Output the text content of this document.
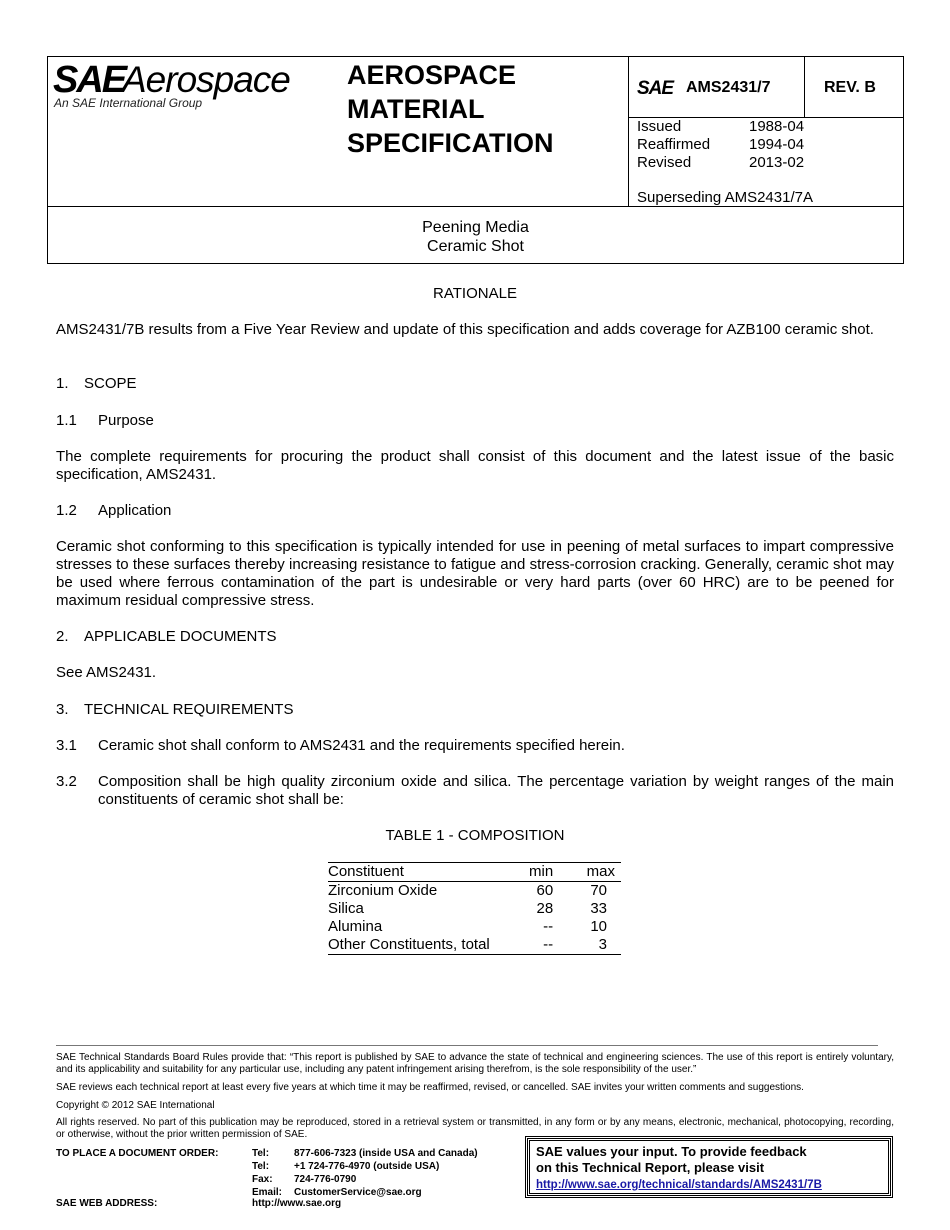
SAE
Aerospace
An SAE International Group
AEROSPACE
MATERIAL
SPECIFICATION
SAE AMS2431/7	REV. B
Issued	1988-04
Reaffirmed	1994-04
Revised	2013-02
Superseding AMS2431/7A
Peening Media
Ceramic Shot
RATIONALE
AMS2431/7B results from a Five Year Review and update of this specification and adds coverage for AZB100 ceramic shot.
1. SCOPE
1.1 Purpose
The complete requirements for procuring the product shall consist of this document and the latest issue of the basic specification, AMS2431.
1.2 Application
Ceramic shot conforming to this specification is typically intended for use in peening of metal surfaces to impart compressive stresses to these surfaces thereby increasing resistance to fatigue and stress-corrosion cracking. Generally, ceramic shot may be used where ferrous contamination of the part is undesirable or very hard parts (over 60 HRC) are to be peened for maximum residual compressive stress.
2. APPLICABLE DOCUMENTS
See AMS2431.
3. TECHNICAL REQUIREMENTS
3.1 Ceramic shot shall conform to AMS2431 and the requirements specified herein.
3.2	Composition shall be high quality zirconium oxide and silica. The percentage variation by weight ranges of the main constituents of ceramic shot shall be:
TABLE 1 - COMPOSITION
Constituent	min	max
Zirconium Oxide	60	70
Silica	28	33
Alumina	--	10
Other Constituents, total	--	3
SAE Technical Standards Board Rules provide that: “This report is published by SAE to advance the state of technical and engineering sciences. The use of this report is entirely voluntary, and its applicability and suitability for any particular use, including any patent infringement arising therefrom, is the sole responsibility of the user.”
SAE reviews each technical report at least every five years at which time it may be reaffirmed, revised, or cancelled. SAE invites your written comments and suggestions.
Copyright © 2012 SAE International
All rights reserved. No part of this publication may be reproduced, stored in a retrieval system or transmitted, in any form or by any means, electronic, mechanical, photocopying, recording, or otherwise, without the prior written permission of SAE.
TO PLACE A DOCUMENT ORDER:	Tel:	877-606-7323 (inside USA and Canada)
Tel:	+1 724-776-4970 (outside USA)
Fax:	724-776-0790
Email:	CustomerService@sae.org
SAE WEB ADDRESS:	http://www.sae.org
SAE values your input. To provide feedback
on this Technical Report, please visit
http://www.sae.org/technical/standards/AMS2431/7B
